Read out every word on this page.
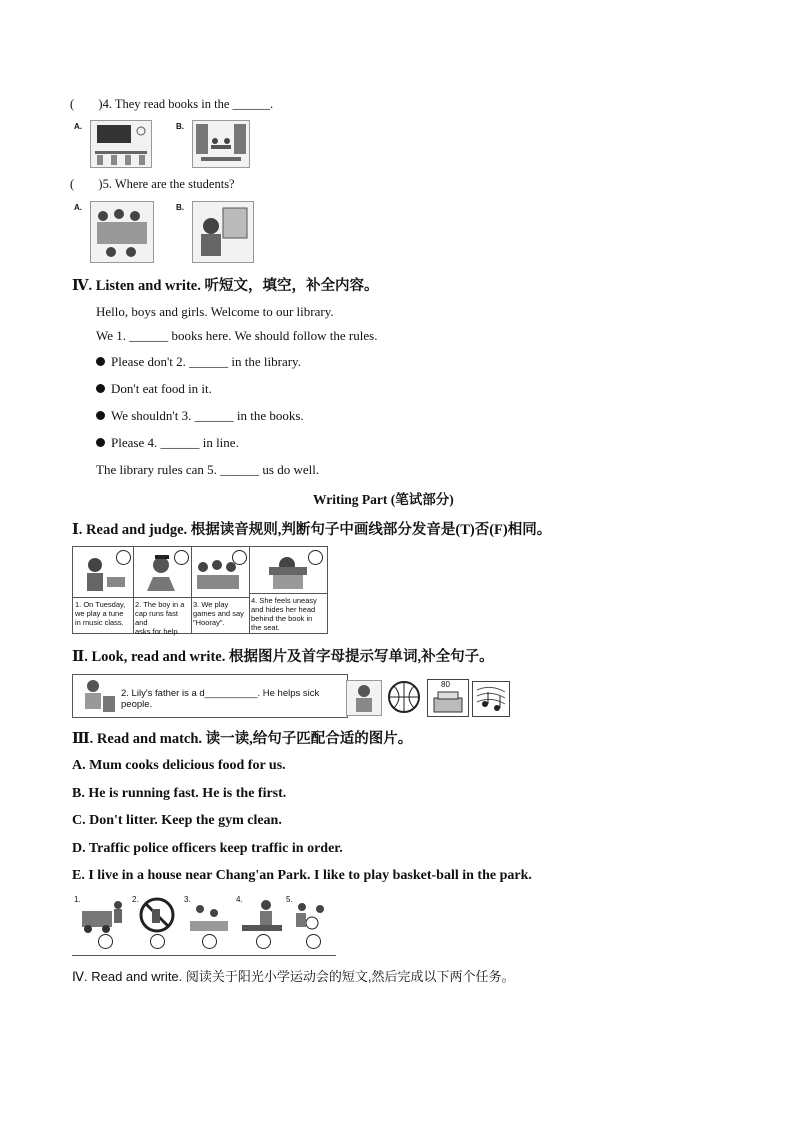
( )4. They read books in the ______.
A.	B.
( )5. Where are the students?
A.	B.
Ⅳ. Listen and write. 听短文，填空，补全内容。
Hello, boys and girls. Welcome to our library.
We 1. ______ books here. We should follow the rules.
Please don't 2. ______ in the library.
Don't eat food in it.
We shouldn't 3. ______ in the books.
Please 4. ______ in line.
The library rules can 5. ______ us do well.
Writing Part (笔试部分)
Ⅰ. Read and judge. 根据读音规则,判断句子中画线部分发音是(T)否(F)相同。
1. On Tuesday,
we play a tune
in music class.
2. The boy in a
cap runs fast and
asks for help.
3. We play
games and say
"Hooray".
4. She feels uneasy
and hides her head
behind the book in
the seat.
Ⅱ. Look, read and write. 根据图片及首字母提示写单词,补全句子。
2. Lily's father is a d__________. He helps sick people.
80
Ⅲ. Read and match. 读一读,给句子匹配合适的图片。
A. Mum cooks delicious food for us.
B. He is running fast. He is the first.
C. Don't litter. Keep the gym clean.
D. Traffic police officers keep traffic in order.
E. I live in a house near Chang'an Park. I like to play basket-ball in the park.
1.	2.	3.	4.	5.
Ⅳ. Read and write. 阅读关于阳光小学运动会的短文,然后完成以下两个任务。
